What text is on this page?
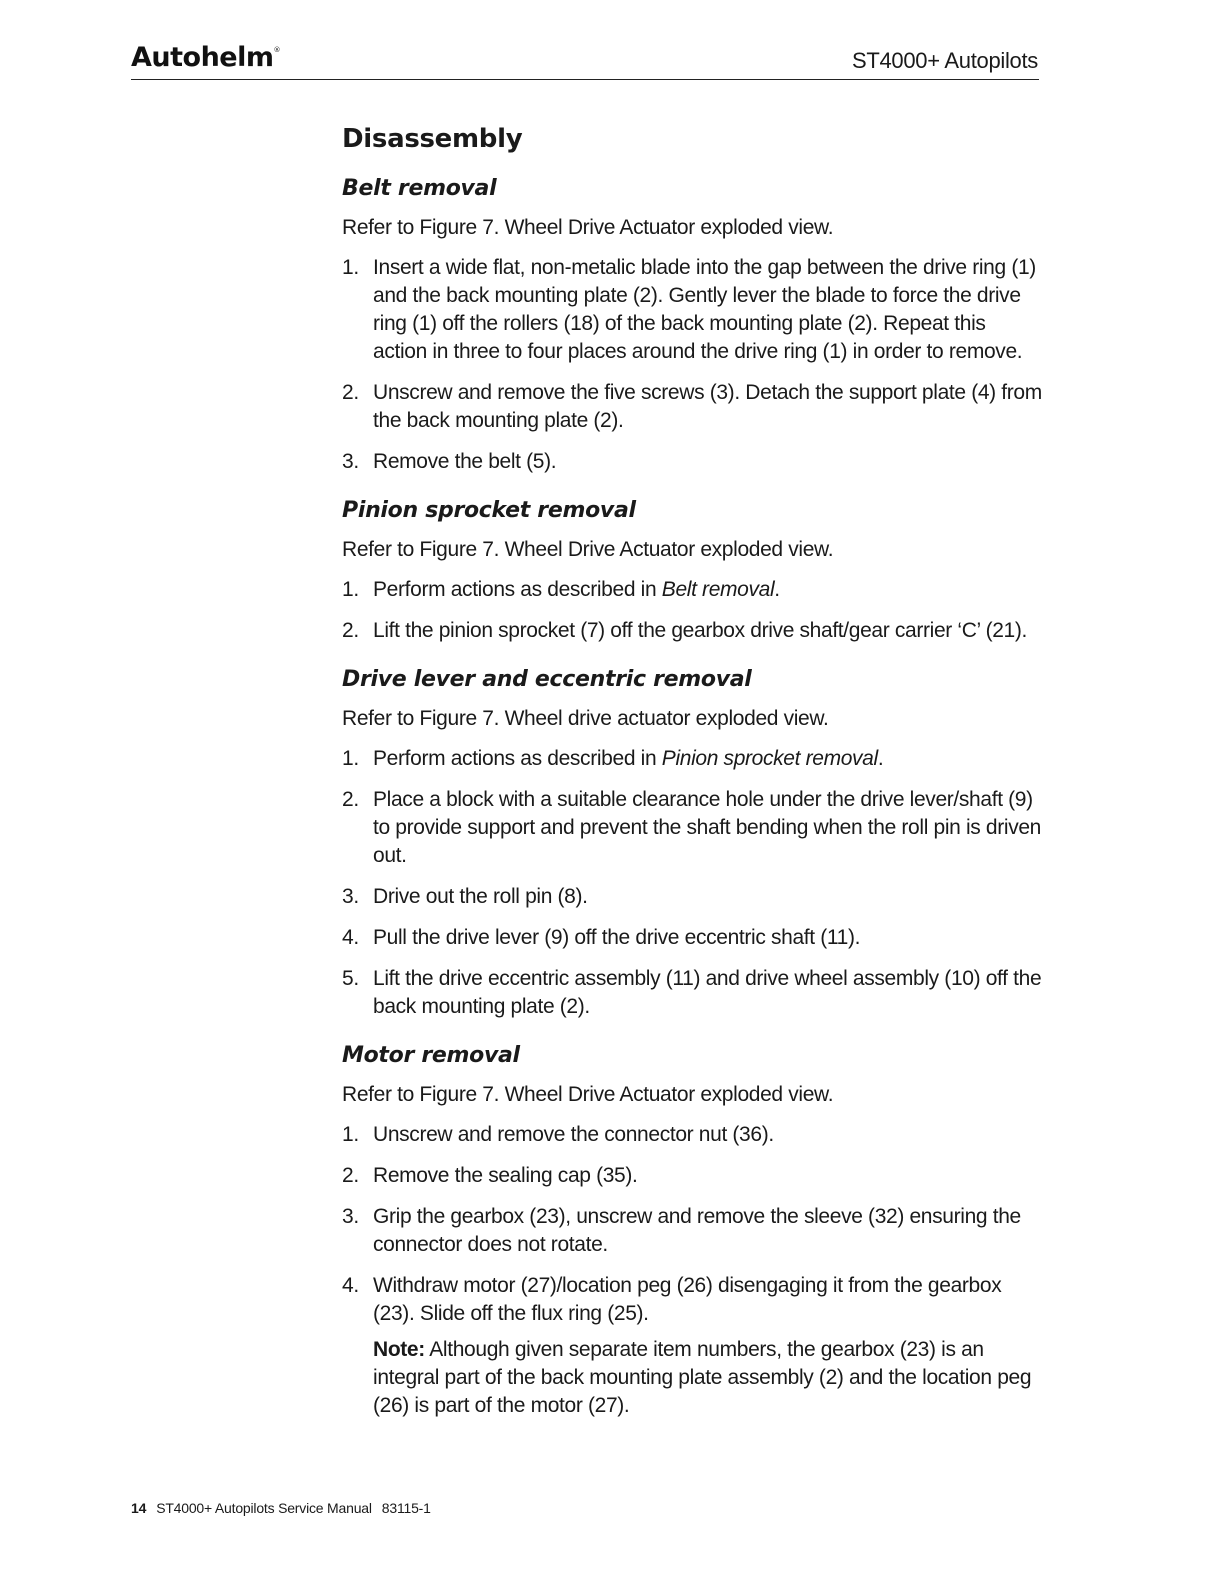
Autohelm®	ST4000+ Autopilots
Disassembly
Belt removal

Refer to Figure 7. Wheel Drive Actuator exploded view.

1. Insert a wide flat, non-metalic blade into the gap between the drive ring (1) and the back mounting plate (2). Gently lever the blade to force the drive ring (1) off the rollers (18) of the back mounting plate (2). Repeat this action in three to four places around the drive ring (1) in order to remove.
2. Unscrew and remove the five screws (3). Detach the support plate (4) from the back mounting plate (2).
3. Remove the belt (5).
Pinion sprocket removal

Refer to Figure 7. Wheel Drive Actuator exploded view.

1. Perform actions as described in Belt removal.
2. Lift the pinion sprocket (7) off the gearbox drive shaft/gear carrier ‘C’ (21).
Drive lever and eccentric removal

Refer to Figure 7. Wheel drive actuator exploded view.

1. Perform actions as described in Pinion sprocket removal.
2. Place a block with a suitable clearance hole under the drive lever/shaft (9) to provide support and prevent the shaft bending when the roll pin is driven out.
3. Drive out the roll pin (8).
4. Pull the drive lever (9) off the drive eccentric shaft (11).
5. Lift the drive eccentric assembly (11) and drive wheel assembly (10) off the back mounting plate (2).
Motor removal

Refer to Figure 7. Wheel Drive Actuator exploded view.

1. Unscrew and remove the connector nut (36).
2. Remove the sealing cap (35).
3. Grip the gearbox (23), unscrew and remove the sleeve (32) ensuring the connector does not rotate.
4. Withdraw motor (27)/location peg (26) disengaging it from the gearbox (23). Slide off the flux ring (25).
Note: Although given separate item numbers, the gearbox (23) is an integral part of the back mounting plate assembly (2) and the location peg (26) is part of the motor (27).
14 ST4000+ Autopilots Service Manual 83115-1
